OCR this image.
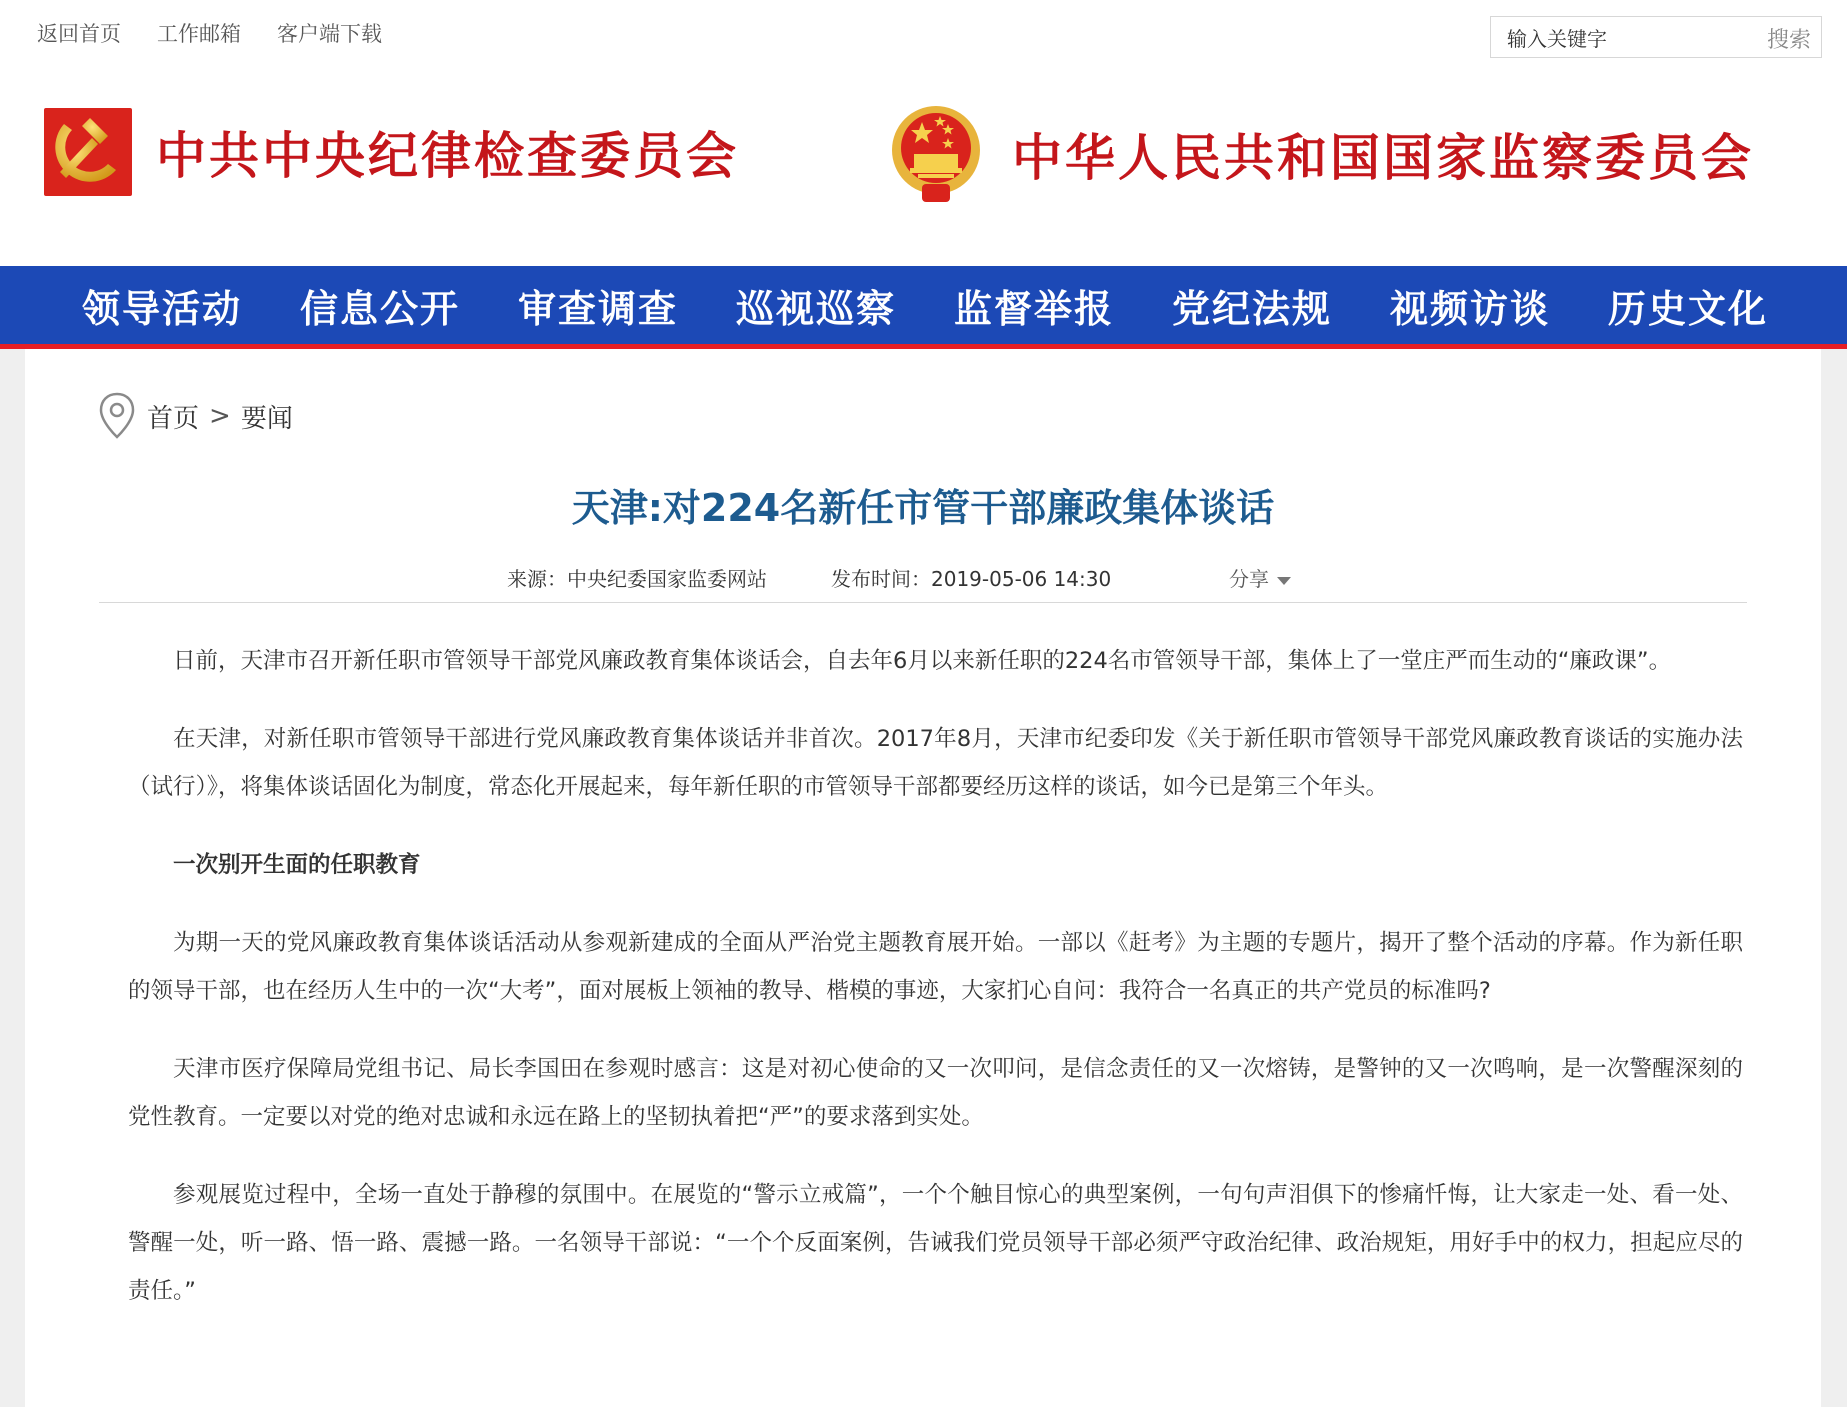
返回首页 工作邮箱 客户端下载
输入关键字	搜索
中共中央纪律检查委员会	中华人民共和国国家监察委员会
领导活动	信息公开	审查调查	巡视巡察	监督举报	党纪法规	视频访谈	历史文化
首页 > 要闻
天津:对224名新任市管干部廉政集体谈话
来源：中央纪委国家监委网站	发布时间：2019-05-06 14:30	分享

日前，天津市召开新任职市管领导干部党风廉政教育集体谈话会，自去年6月以来新任职的224名市管领导干部，集体上了一堂庄严而生动的“廉政课”。

在天津，对新任职市管领导干部进行党风廉政教育集体谈话并非首次。2017年8月，天津市纪委印发《关于新任职市管领导干部党风廉政教育谈话的实施办法（试行）》，将集体谈话固化为制度，常态化开展起来，每年新任职的市管领导干部都要经历这样的谈话，如今已是第三个年头。

一次别开生面的任职教育

为期一天的党风廉政教育集体谈话活动从参观新建成的全面从严治党主题教育展开始。一部以《赶考》为主题的专题片，揭开了整个活动的序幕。作为新任职的领导干部，也在经历人生中的一次“大考”，面对展板上领袖的教导、楷模的事迹，大家扪心自问：我符合一名真正的共产党员的标准吗?

天津市医疗保障局党组书记、局长李国田在参观时感言：这是对初心使命的又一次叩问，是信念责任的又一次熔铸，是警钟的又一次鸣响，是一次警醒深刻的党性教育。一定要以对党的绝对忠诚和永远在路上的坚韧执着把“严”的要求落到实处。

参观展览过程中，全场一直处于静穆的氛围中。在展览的“警示立戒篇”，一个个触目惊心的典型案例，一句句声泪俱下的惨痛忏悔，让大家走一处、看一处、警醒一处，听一路、悟一路、震撼一路。一名领导干部说：“一个个反面案例，告诫我们党员领导干部必须严守政治纪律、政治规矩，用好手中的权力，担起应尽的责任。”
